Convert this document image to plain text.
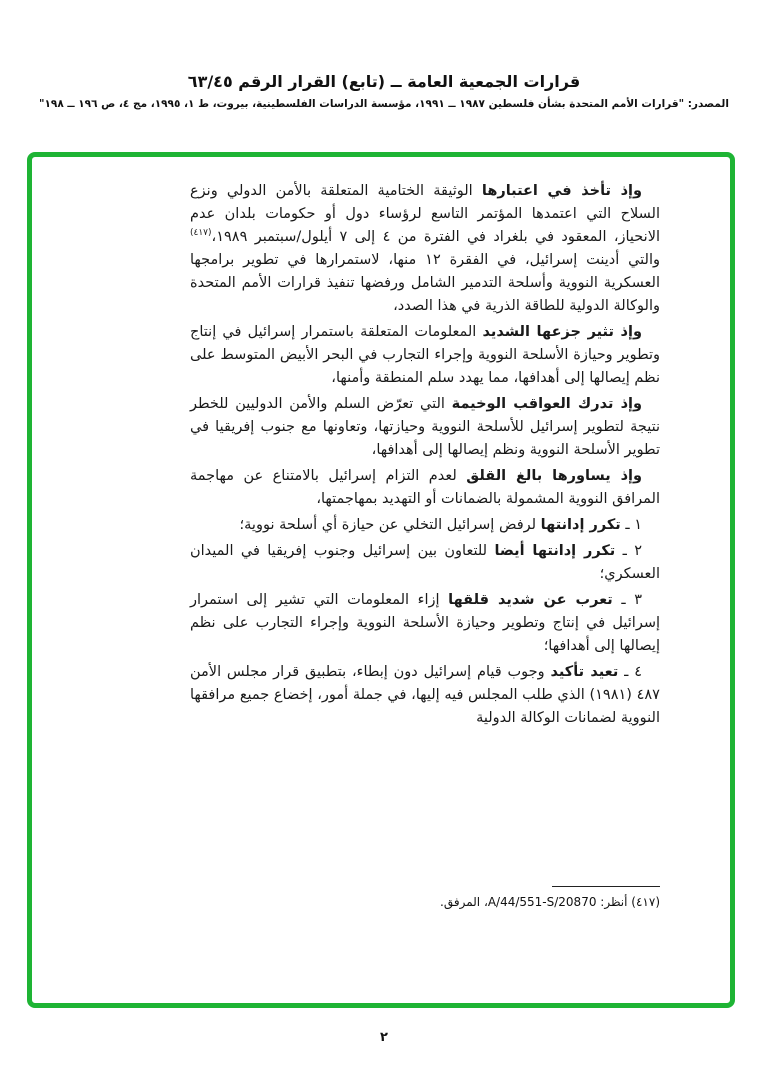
قرارات الجمعية العامة ــ (تابع) القرار الرقم ٦٣/٤٥
المصدر: "قرارات الأمم المتحدة بشأن فلسطين ١٩٨٧ ــ ١٩٩١، مؤسسة الدراسات الفلسطينية، بيروت، ط ١، ١٩٩٥، مج ٤، ص ١٩٦ ــ ١٩٨"

وإذ تأخذ في اعتبارها الوثيقة الختامية المتعلقة بالأمن الدولي ونزع السلاح التي اعتمدها المؤتمر التاسع لرؤساء دول أو حكومات بلدان عدم الانحياز، المعقود في بلغراد في الفترة من ٤ إلى ٧ أيلول/سبتمبر ١٩٨٩،$^{(٤١٧)}$ والتي أدينت إسرائيل، في الفقرة ١٢ منها، لاستمرارها في تطوير برامجها العسكرية النووية وأسلحة التدمير الشامل ورفضها تنفيذ قرارات الأمم المتحدة والوكالة الدولية للطاقة الذرية في هذا الصدد،

وإذ تثير جزعها الشديد المعلومات المتعلقة باستمرار إسرائيل في إنتاج وتطوير وحيازة الأسلحة النووية وإجراء التجارب في البحر الأبيض المتوسط على نظم إيصالها إلى أهدافها، مما يهدد سلم المنطقة وأمنها،

وإذ تدرك العواقب الوخيمة التي تعرّض السلم والأمن الدوليين للخطر نتيجة لتطوير إسرائيل للأسلحة النووية وحيازتها، وتعاونها مع جنوب إفريقيا في تطوير الأسلحة النووية ونظم إيصالها إلى أهدافها،

وإذ يساورها بالغ القلق لعدم التزام إسرائيل بالامتناع عن مهاجمة المرافق النووية المشمولة بالضمانات أو التهديد بمهاجمتها،

١ ـ تكرر إدانتها لرفض إسرائيل التخلي عن حيازة أي أسلحة نووية؛

٢ ـ تكرر إدانتها أيضا للتعاون بين إسرائيل وجنوب إفريقيا في الميدان العسكري؛

٣ ـ تعرب عن شديد قلقها إزاء المعلومات التي تشير إلى استمرار إسرائيل في إنتاج وتطوير وحيازة الأسلحة النووية وإجراء التجارب على نظم إيصالها إلى أهدافها؛

٤ ـ تعيد تأكيد وجوب قيام إسرائيل دون إبطاء، بتطبيق قرار مجلس الأمن ٤٨٧ (١٩٨١) الذي طلب المجلس فيه إليها، في جملة أمور، إخضاع جميع مرافقها النووية لضمانات الوكالة الدولية

(٤١٧) أنظر: A/44/551-S/20870، المرفق.
٢
